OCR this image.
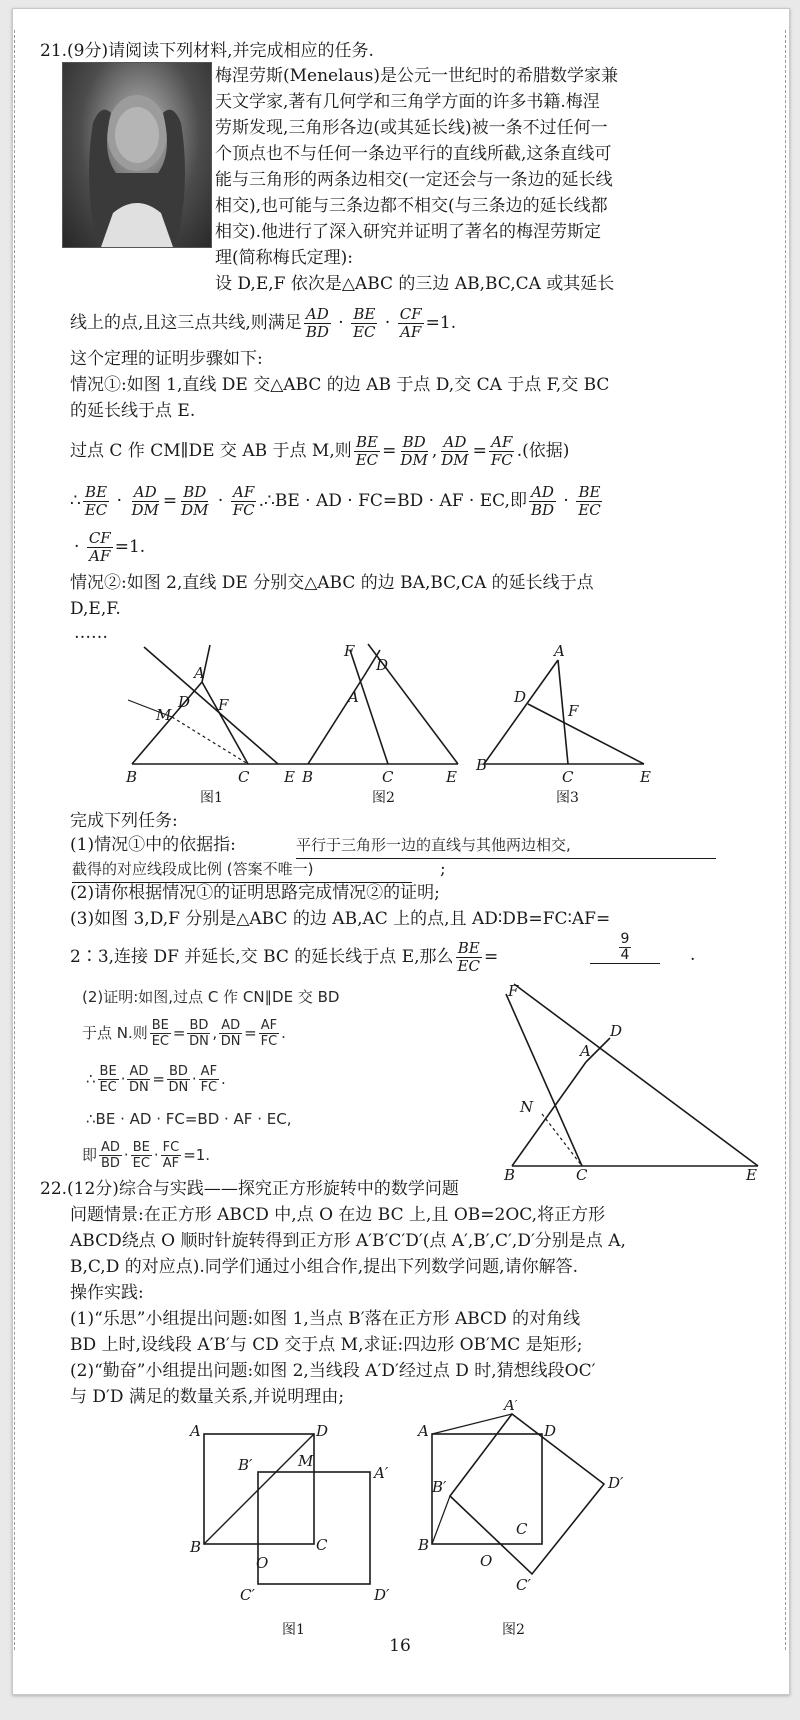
21.(9分)请阅读下列材料,并完成相应的任务.
梅涅劳斯(Menelaus)是公元一世纪时的希腊数学家兼
天文学家,著有几何学和三角学方面的许多书籍.梅涅
劳斯发现,三角形各边(或其延长线)被一条不过任何一
个顶点也不与任何一条边平行的直线所截,这条直线可
能与三角形的两条边相交(一定还会与一条边的延长线
相交),也可能与三条边都不相交(与三条边的延长线都
相交).他进行了深入研究并证明了著名的梅涅劳斯定
理(简称梅氏定理):
设 D,E,F 依次是△ABC 的三边 AB,BC,CA 或其延长
线上的点,且这三点共线,则满足 $\frac{AD}{BD} \cdot \frac{BE}{EC} \cdot \frac{CF}{AF} =1$.
这个定理的证明步骤如下:
情况①:如图 1,直线 DE 交△ABC 的边 AB 于点 D,交 CA 于点 F,交 BC
的延长线于点 E.
过点 C 作 CM∥DE 交 AB 于点 M,则 $\frac{BE}{EC} = \frac{BD}{DM}$ , $\frac{AD}{DM} = \frac{AF}{FC}$ .(依据)
∴ $\frac{BE}{EC} \cdot \frac{AD}{DM} = \frac{BD}{DM} \cdot \frac{AF}{FC}$ .∴BE · AD · FC=BD · AF · EC,即 $\frac{AD}{BD} \cdot \frac{BE}{EC}$
· $\frac{CF}{AF} =1$.
情况②:如图 2,直线 DE 分别交△ABC 的边 BA,BC,CA 的延长线于点
D,E,F.
……
B
A
D F
M
C E
图1
B
F
D
A
C	E
图2
B
A
D
F
C	E
图3
完成下列任务:
(1)情况①中的依据指:	平行于三角形一边的直线与其他两边相交,
截得的对应线段成比例 (答案不唯一)	;
(2)请你根据情况①的证明思路完成情况②的证明;
(3)如图 3,D,F 分别是△ABC 的边 AB,AC 上的点,且 AD∶DB=FC∶AF=
2∶3,连接 DF 并延长,交 BC 的延长线于点 E,那么 $\frac{BE}{EC}$ =	$\frac{9}{4}$	.
(2)证明:如图,过点 C 作 CN∥DE 交 BD
于点 N.则 $\frac{BE}{EC} = \frac{BD}{DN}$ , $\frac{AD}{DN} = \frac{AF}{FC}$ .
∴ $\frac{BE}{EC} \cdot \frac{AD}{DN} = \frac{BD}{DN} \cdot \frac{AF}{FC}$ .
∴BE · AD · FC=BD · AF · EC,
即 $\frac{AD}{BD} \cdot \frac{BE}{EC} \cdot \frac{FC}{AF} =1$.
B
F
D
A
N
C	E
22.(12分)综合与实践——探究正方形旋转中的数学问题
问题情景:在正方形 ABCD 中,点 O 在边 BC 上,且 OB=2OC,将正方形
ABCD绕点 O 顺时针旋转得到正方形 A′B′C′D′(点 A′,B′,C′,D′分别是点 A,
B,C,D 的对应点).同学们通过小组合作,提出下列数学问题,请你解答.
操作实践:
(1)“乐思”小组提出问题:如图 1,当点 B′落在正方形 ABCD 的对角线
BD 上时,设线段 A′B′与 CD 交于点 M,求证:四边形 OB′MC 是矩形;
(2)“勤奋”小组提出问题:如图 2,当线段 A′D′经过点 D 时,猜想线段OC′
与 D′D 满足的数量关系,并说明理由;
A	D
B	C
O
B′	M
A′
C′	D′
图1
A	D
B
C
O
B′
A′
D′
C′
图2
16
